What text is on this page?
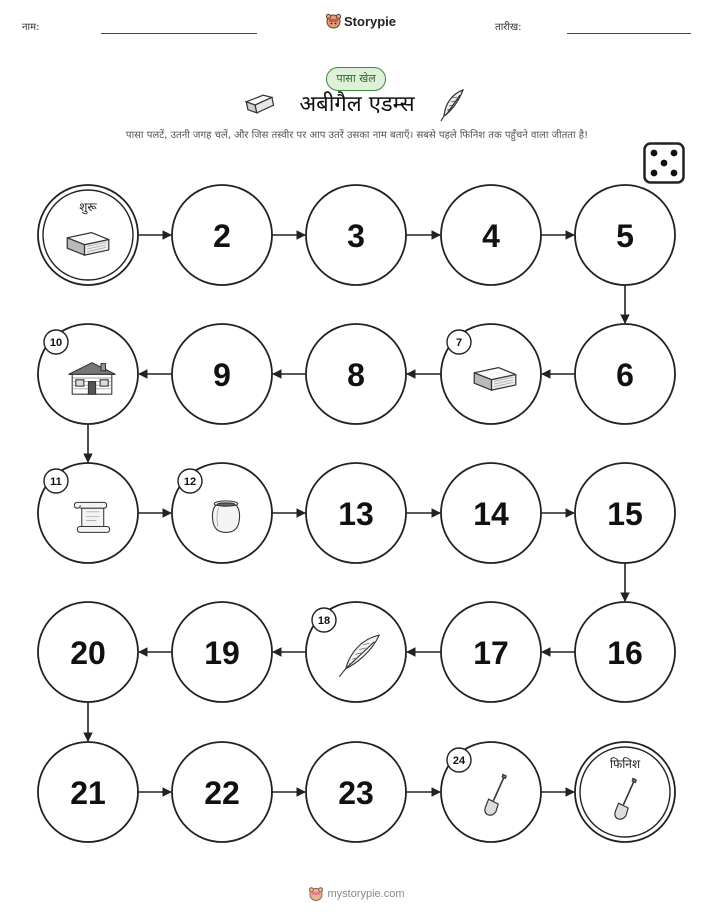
नाम:	Storypie	तारीख:
पासा खेल
अबीगैल एडम्स
पासा पलटें, उतनी जगह चलें, और जिस तस्वीर पर आप उतरें उसका नाम बताएँ। सबसे पहले फिनिश तक पहुँचने वाला जीतता है!
शुरू
2	3	4	5
6
7
8
9
10
11	12
13	14	15
16
17
18
19
20
21	22	23
24	फिनिश
mystorypie.com
